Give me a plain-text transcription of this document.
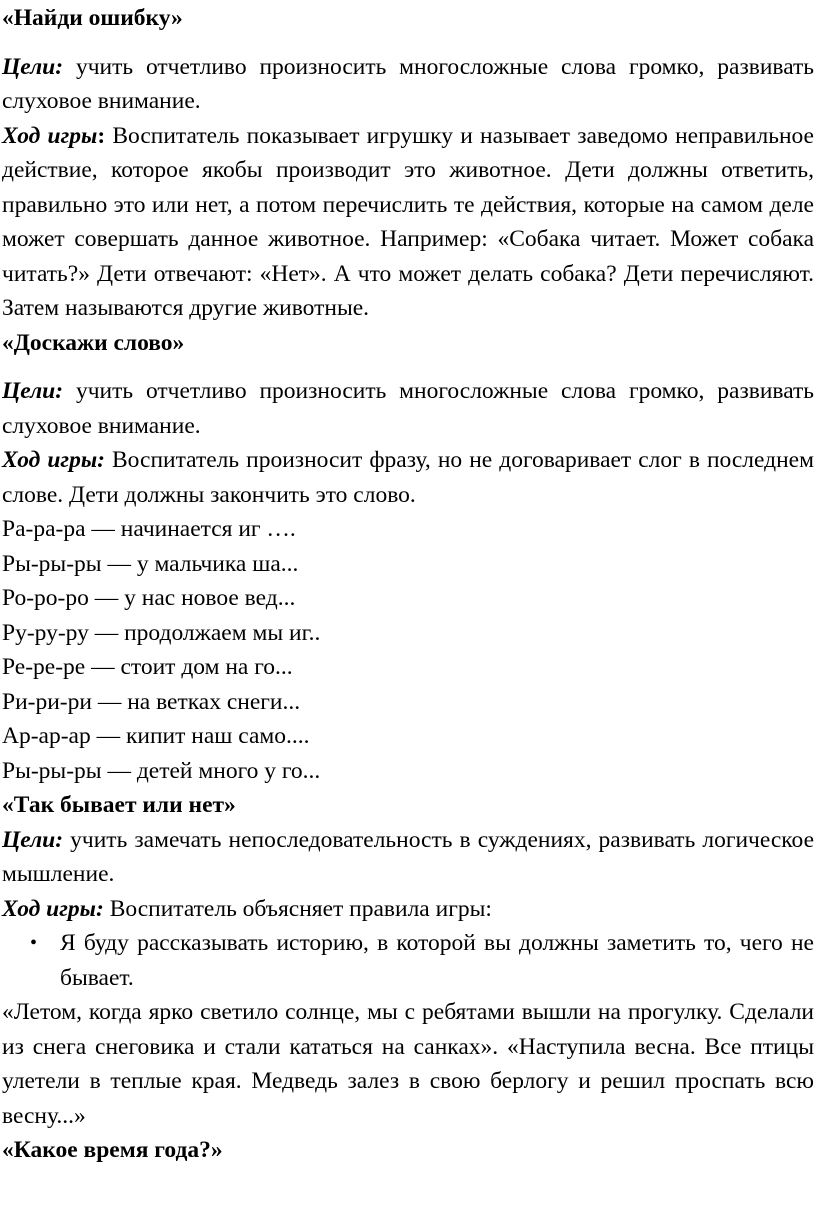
«Найди ошибку»

Цели: учить отчетливо произносить многосложные слова громко, развивать слуховое внимание.

Ход игры: Воспитатель показывает игрушку и называет заведомо неправильное действие, которое якобы производит это животное. Дети должны ответить, правильно это или нет, а потом перечислить те действия, которые на самом деле может совершать данное животное. Например: «Собака читает. Может собака читать?» Дети отвечают: «Нет». А что может делать собака? Дети перечисляют. Затем называются другие животные.

«Доскажи слово»

Цели: учить отчетливо произносить многосложные слова громко, развивать слуховое внимание.

Ход игры: Воспитатель произносит фразу, но не договаривает слог в последнем слове. Дети должны закончить это слово.

Ра-ра-ра — начинается иг ….

Ры-ры-ры — у мальчика ша...

Ро-ро-ро — у нас новое вед...

Ру-ру-ру — продолжаем мы иг..

Ре-ре-ре — стоит дом на го...

Ри-ри-ри — на ветках снеги...

Ар-ар-ар — кипит наш само....

Ры-ры-ры — детей много у го...

«Так бывает или нет»

Цели: учить замечать непоследовательность в суждениях, развивать логическое мышление.

Ход игры: Воспитатель объясняет правила игры:

• Я буду рассказывать историю, в которой вы должны заметить то, чего не бывает.

«Летом, когда ярко светило солнце, мы с ребятами вышли на прогулку. Сделали из снега снеговика и стали кататься на санках». «Наступила весна. Все птицы улетели в теплые края. Медведь залез в свою берлогу и решил проспать всю весну...»

«Какое время года?»
